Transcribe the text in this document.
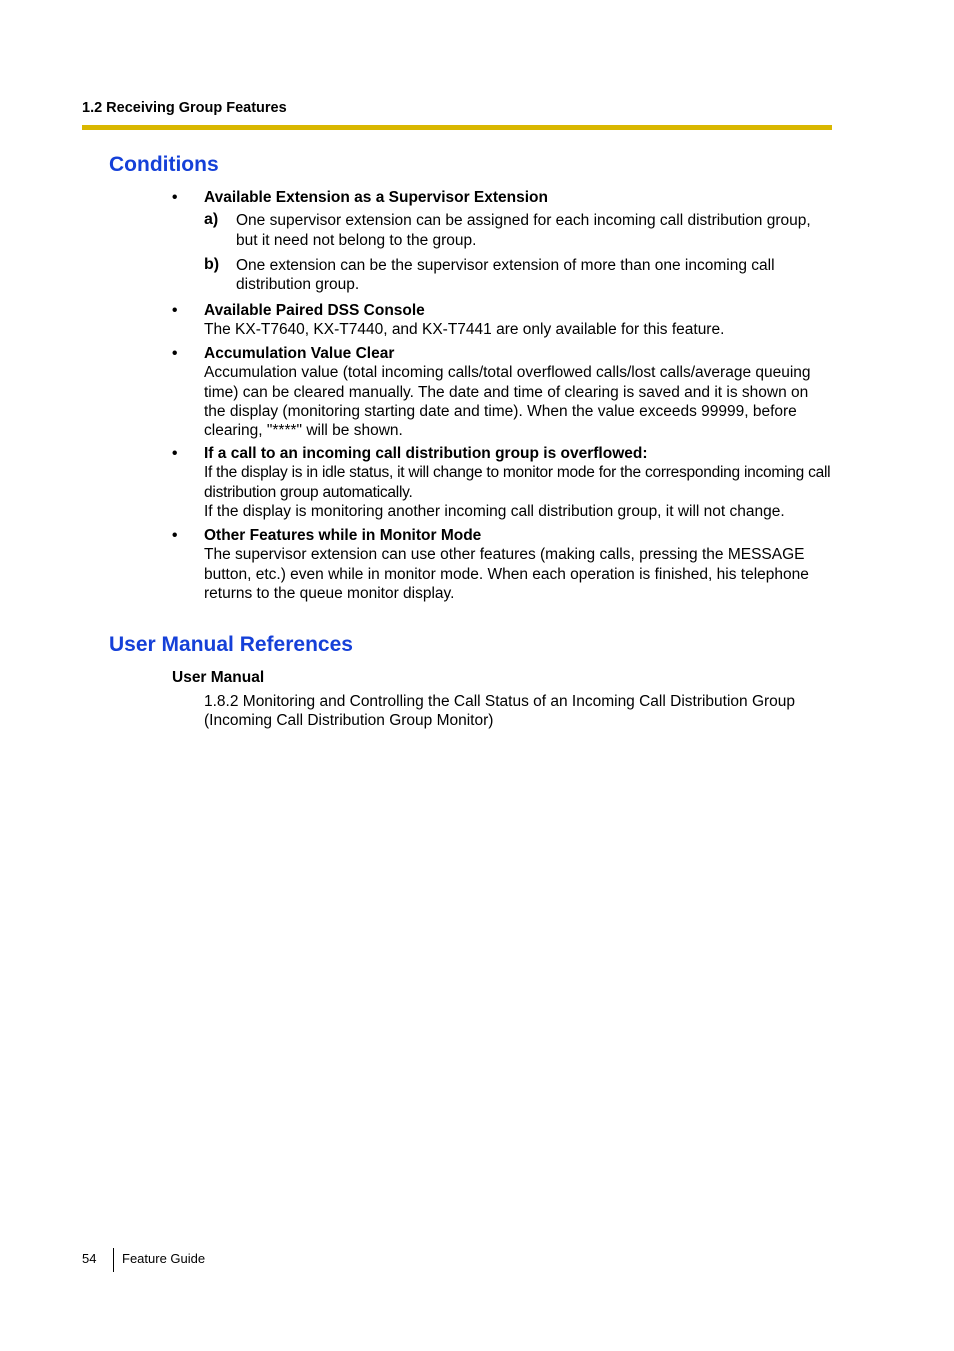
1.2 Receiving Group Features
Conditions
•	Available Extension as a Supervisor Extension
a) One supervisor extension can be assigned for each incoming call distribution group, but it need not belong to the group.
b) One extension can be the supervisor extension of more than one incoming call distribution group.
•	Available Paired DSS Console
The KX-T7640, KX-T7440, and KX-T7441 are only available for this feature.
•	Accumulation Value Clear
Accumulation value (total incoming calls/total overflowed calls/lost calls/average queuing time) can be cleared manually. The date and time of clearing is saved and it is shown on the display (monitoring starting date and time). When the value exceeds 99999, before clearing, "****" will be shown.
•	If a call to an incoming call distribution group is overflowed:
If the display is in idle status, it will change to monitor mode for the corresponding incoming call distribution group automatically.
If the display is monitoring another incoming call distribution group, it will not change.
•	Other Features while in Monitor Mode
The supervisor extension can use other features (making calls, pressing the MESSAGE button, etc.) even while in monitor mode. When each operation is finished, his telephone returns to the queue monitor display.
User Manual References
User Manual
1.8.2 Monitoring and Controlling the Call Status of an Incoming Call Distribution Group (Incoming Call Distribution Group Monitor)
54 Feature Guide
